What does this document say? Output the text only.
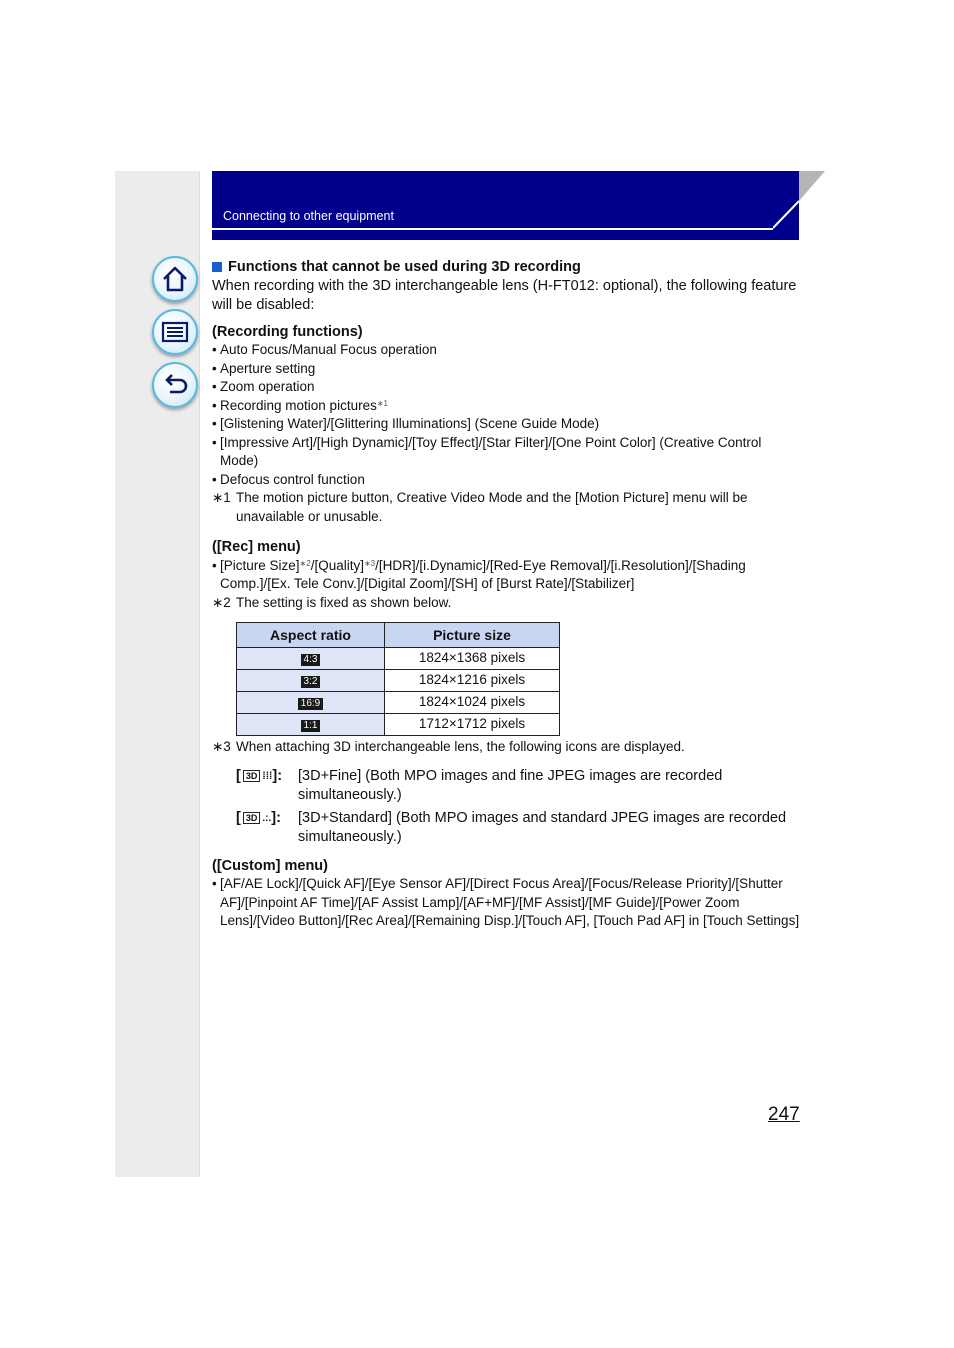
Connecting to other equipment
Functions that cannot be used during 3D recording
When recording with the 3D interchangeable lens (H-FT012: optional), the following feature will be disabled:
(Recording functions)
• Auto Focus/Manual Focus operation
• Aperture setting
• Zoom operation
• Recording motion pictures$^{∗1}$
• [Glistening Water]/[Glittering Illuminations] (Scene Guide Mode)
• [Impressive Art]/[High Dynamic]/[Toy Effect]/[Star Filter]/[One Point Color] (Creative Control Mode)
• Defocus control function
∗1 The motion picture button, Creative Video Mode and the [Motion Picture] menu will be unavailable or unusable.
([Rec] menu)
• [Picture Size]$^{∗2}$/[Quality]$^{∗3}$/[HDR]/[i.Dynamic]/[Red-Eye Removal]/[i.Resolution]/[Shading Comp.]/[Ex. Tele Conv.]/[Digital Zoom]/[SH] of [Burst Rate]/[Stabilizer]
∗2 The setting is fixed as shown below.
Aspect ratio	Picture size
4:3	1824×1368 pixels
3:2	1824×1216 pixels
16:9	1824×1024 pixels
1:1	1712×1712 pixels
∗3 When attaching 3D interchangeable lens, the following icons are displayed.
[ 3D ⁞⁞⁞ ]:	[3D+Fine] (Both MPO images and fine JPEG images are recorded simultaneously.)
[ 3D .:. ]:	[3D+Standard] (Both MPO images and standard JPEG images are recorded simultaneously.)
([Custom] menu)
• [AF/AE Lock]/[Quick AF]/[Eye Sensor AF]/[Direct Focus Area]/[Focus/Release Priority]/[Shutter AF]/[Pinpoint AF Time]/[AF Assist Lamp]/[AF+MF]/[MF Assist]/[MF Guide]/[Power Zoom Lens]/[Video Button]/[Rec Area]/[Remaining Disp.]/[Touch AF], [Touch Pad AF] in [Touch Settings]
247
